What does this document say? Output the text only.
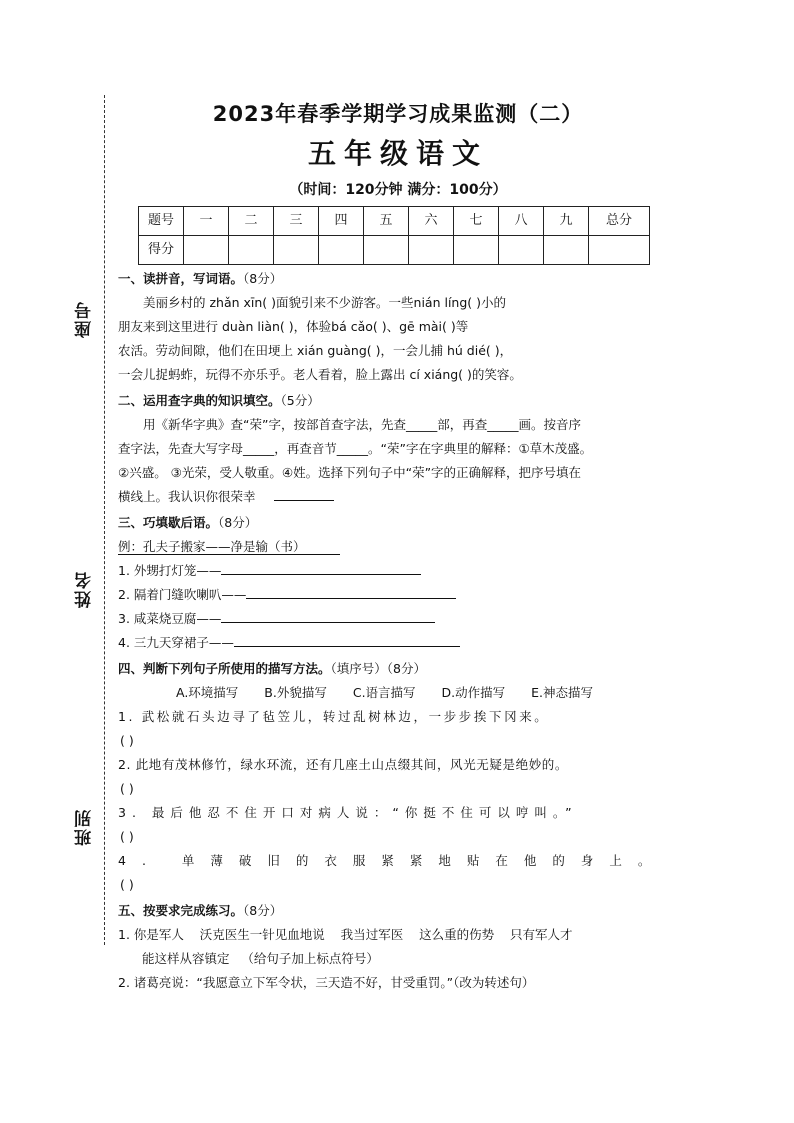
座号
姓名
班别
2023年春季学期学习成果监测（二）
五年级语文
（时间：120分钟 满分：100分）
题号	一	二	三	四	五	六	七	八	九	总分
得分										
一、读拼音，写词语。（8分）

美丽乡村的 zhǎn xīn( )面貌引来不少游客。一些nián líng( )小的

朋友来到这里进行 duàn liàn( )，体验bá cǎo( )、gē mài( )等

农活。劳动间隙，他们在田埂上 xián guàng( )，一会儿捕 hú dié( )，

一会儿捉蚂蚱，玩得不亦乐乎。老人看着，脸上露出 cí xiáng( )的笑容。

二、运用查字典的知识填空。（5分）

用《新华字典》查“荣”字，按部首查字法，先查_____部，再查_____画。按音序

查字法，先查大写字母_____，再查音节_____。“荣”字在字典里的解释：①草木茂盛。

②兴盛。 ③光荣，受人敬重。④姓。选择下列句子中“荣”字的正确解释，把序号填在

横线上。我认识你很荣幸

三、巧填歇后语。（8分）

例：孔夫子搬家——净是输（书）

1. 外甥打灯笼——

2. 隔着门缝吹喇叭——

3. 咸菜烧豆腐——

4. 三九天穿裙子——

四、判断下列句子所使用的描写方法。（填序号）（8分）

A.环境描写 B.外貌描写 C.语言描写 D.动作描写 E.神态描写

1. 武松就石头边寻了毡笠儿，转过乱树林边，一步步挨下冈来。

( )

2. 此地有茂林修竹，绿水环流，还有几座土山点缀其间，风光无疑是绝妙的。

( )

3. 最后他忍不住开口对病人说：“你挺不住可以哼叫。”

( )

4. 单薄破旧的衣服紧紧地贴在他的身上。

( )

五、按要求完成练习。（8分）

1. 你是军人    沃克医生一针见血地说    我当过军医    这么重的伤势    只有军人才

能这样从容镇定   （给句子加上标点符号）

2. 诸葛亮说：“我愿意立下军令状，三天造不好，甘受重罚。”（改为转述句）
